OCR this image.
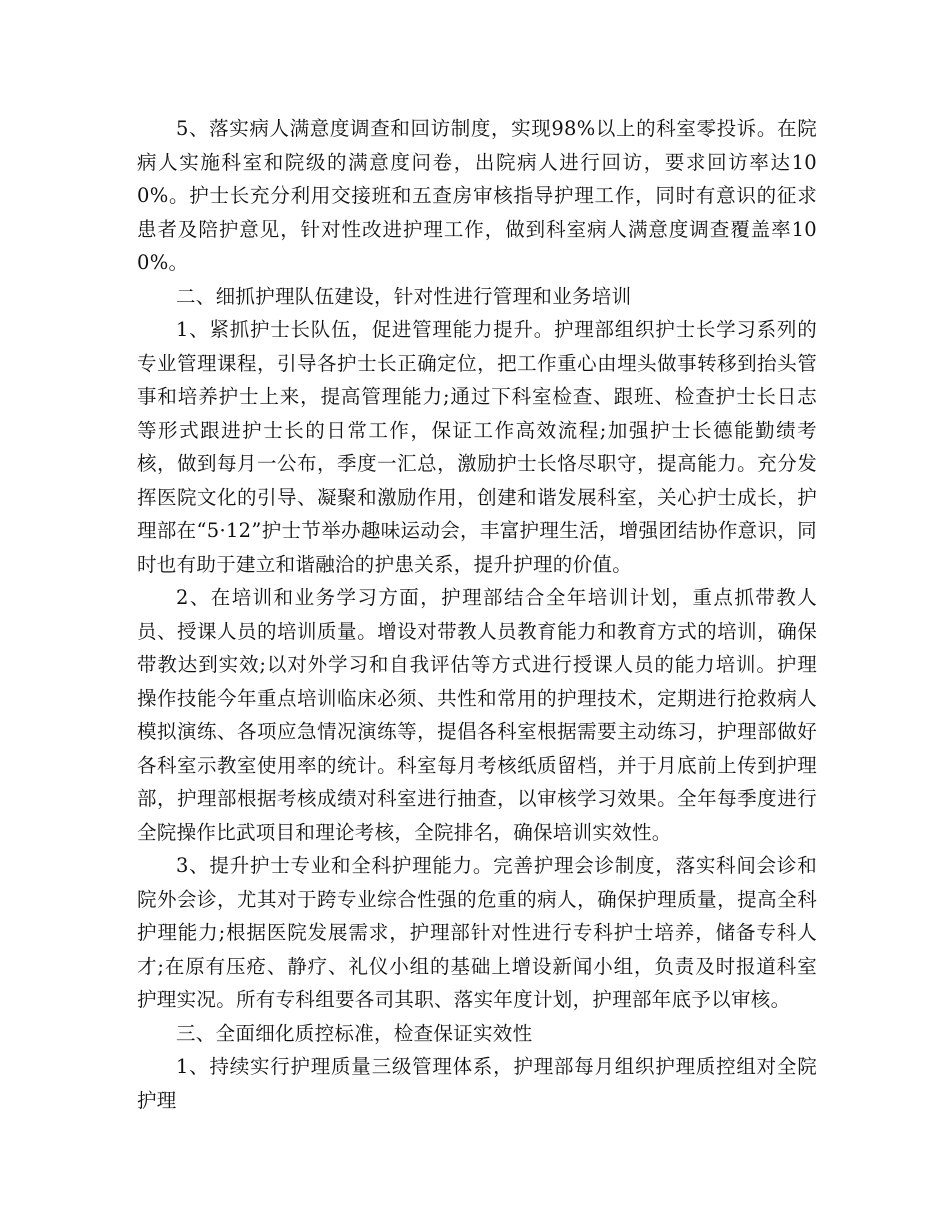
5、落实病人满意度调查和回访制度，实现98%以上的科室零投诉。在院病人实施科室和院级的满意度问卷，出院病人进行回访，要求回访率达100%。护士长充分利用交接班和五查房审核指导护理工作，同时有意识的征求患者及陪护意见，针对性改进护理工作，做到科室病人满意度调查覆盖率100%。

二、细抓护理队伍建设，针对性进行管理和业务培训

1、紧抓护士长队伍，促进管理能力提升。护理部组织护士长学习系列的专业管理课程，引导各护士长正确定位，把工作重心由埋头做事转移到抬头管事和培养护士上来，提高管理能力;通过下科室检查、跟班、检查护士长日志等形式跟进护士长的日常工作，保证工作高效流程;加强护士长德能勤绩考核，做到每月一公布，季度一汇总，激励护士长恪尽职守，提高能力。充分发挥医院文化的引导、凝聚和激励作用，创建和谐发展科室，关心护士成长，护理部在“5·12”护士节举办趣味运动会，丰富护理生活，增强团结协作意识，同时也有助于建立和谐融洽的护患关系，提升护理的价值。

2、在培训和业务学习方面，护理部结合全年培训计划，重点抓带教人员、授课人员的培训质量。增设对带教人员教育能力和教育方式的培训，确保带教达到实效;以对外学习和自我评估等方式进行授课人员的能力培训。护理操作技能今年重点培训临床必须、共性和常用的护理技术，定期进行抢救病人模拟演练、各项应急情况演练等，提倡各科室根据需要主动练习，护理部做好各科室示教室使用率的统计。科室每月考核纸质留档，并于月底前上传到护理部，护理部根据考核成绩对科室进行抽查，以审核学习效果。全年每季度进行全院操作比武项目和理论考核，全院排名，确保培训实效性。

3、提升护士专业和全科护理能力。完善护理会诊制度，落实科间会诊和院外会诊，尤其对于跨专业综合性强的危重的病人，确保护理质量，提高全科护理能力;根据医院发展需求，护理部针对性进行专科护士培养，储备专科人才;在原有压疮、静疗、礼仪小组的基础上增设新闻小组，负责及时报道科室护理实况。所有专科组要各司其职、落实年度计划，护理部年底予以审核。

三、全面细化质控标准，检查保证实效性

1、持续实行护理质量三级管理体系，护理部每月组织护理质控组对全院护理
